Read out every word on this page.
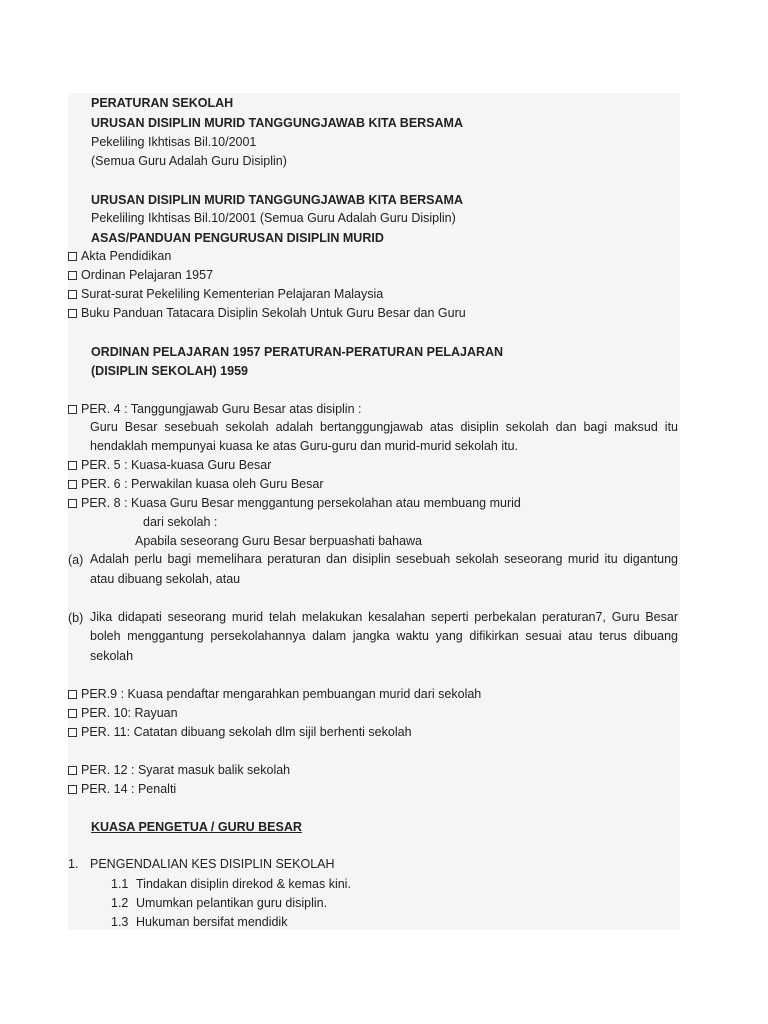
PERATURAN SEKOLAH
URUSAN DISIPLIN MURID TANGGUNGJAWAB KITA BERSAMA
Pekeliling Ikhtisas Bil.10/2001
(Semua Guru Adalah Guru Disiplin)
URUSAN DISIPLIN MURID TANGGUNGJAWAB KITA BERSAMA
Pekeliling Ikhtisas Bil.10/2001 (Semua Guru Adalah Guru Disiplin)
ASAS/PANDUAN PENGURUSAN DISIPLIN MURID
Akta Pendidikan
Ordinan Pelajaran 1957
Surat-surat Pekeliling Kementerian Pelajaran Malaysia
Buku Panduan Tatacara Disiplin Sekolah Untuk Guru Besar dan Guru
ORDINAN PELAJARAN 1957 PERATURAN-PERATURAN PELAJARAN
(DISIPLIN SEKOLAH) 1959
PER. 4 : Tanggungjawab Guru Besar atas disiplin :
Guru Besar sesebuah sekolah adalah bertanggungjawab atas disiplin sekolah dan bagi maksud itu
hendaklah mempunyai kuasa ke atas Guru-guru dan murid-murid sekolah itu.
PER. 5 : Kuasa-kuasa Guru Besar
PER. 6 : Perwakilan kuasa oleh Guru Besar
PER. 8 : Kuasa Guru Besar menggantung persekolahan atau membuang murid
dari sekolah :
Apabila seseorang Guru Besar berpuashati bahawa
(a) Adalah perlu bagi memelihara peraturan dan disiplin sesebuah sekolah seseorang murid itu digantung
atau dibuang sekolah, atau
(b) Jika didapati seseorang murid telah melakukan kesalahan seperti perbekalan peraturan7, Guru Besar
boleh menggantung persekolahannya dalam jangka waktu yang difikirkan sesuai atau terus dibuang
sekolah
PER.9 : Kuasa pendaftar mengarahkan pembuangan murid dari sekolah
PER. 10: Rayuan
PER. 11: Catatan dibuang sekolah dlm sijil berhenti sekolah
PER. 12 : Syarat masuk balik sekolah
PER. 14 : Penalti
KUASA PENGETUA / GURU BESAR
1. PENGENDALIAN KES DISIPLIN SEKOLAH
1.1 Tindakan disiplin direkod & kemas kini.
1.2 Umumkan pelantikan guru disiplin.
1.3 Hukuman bersifat mendidik
